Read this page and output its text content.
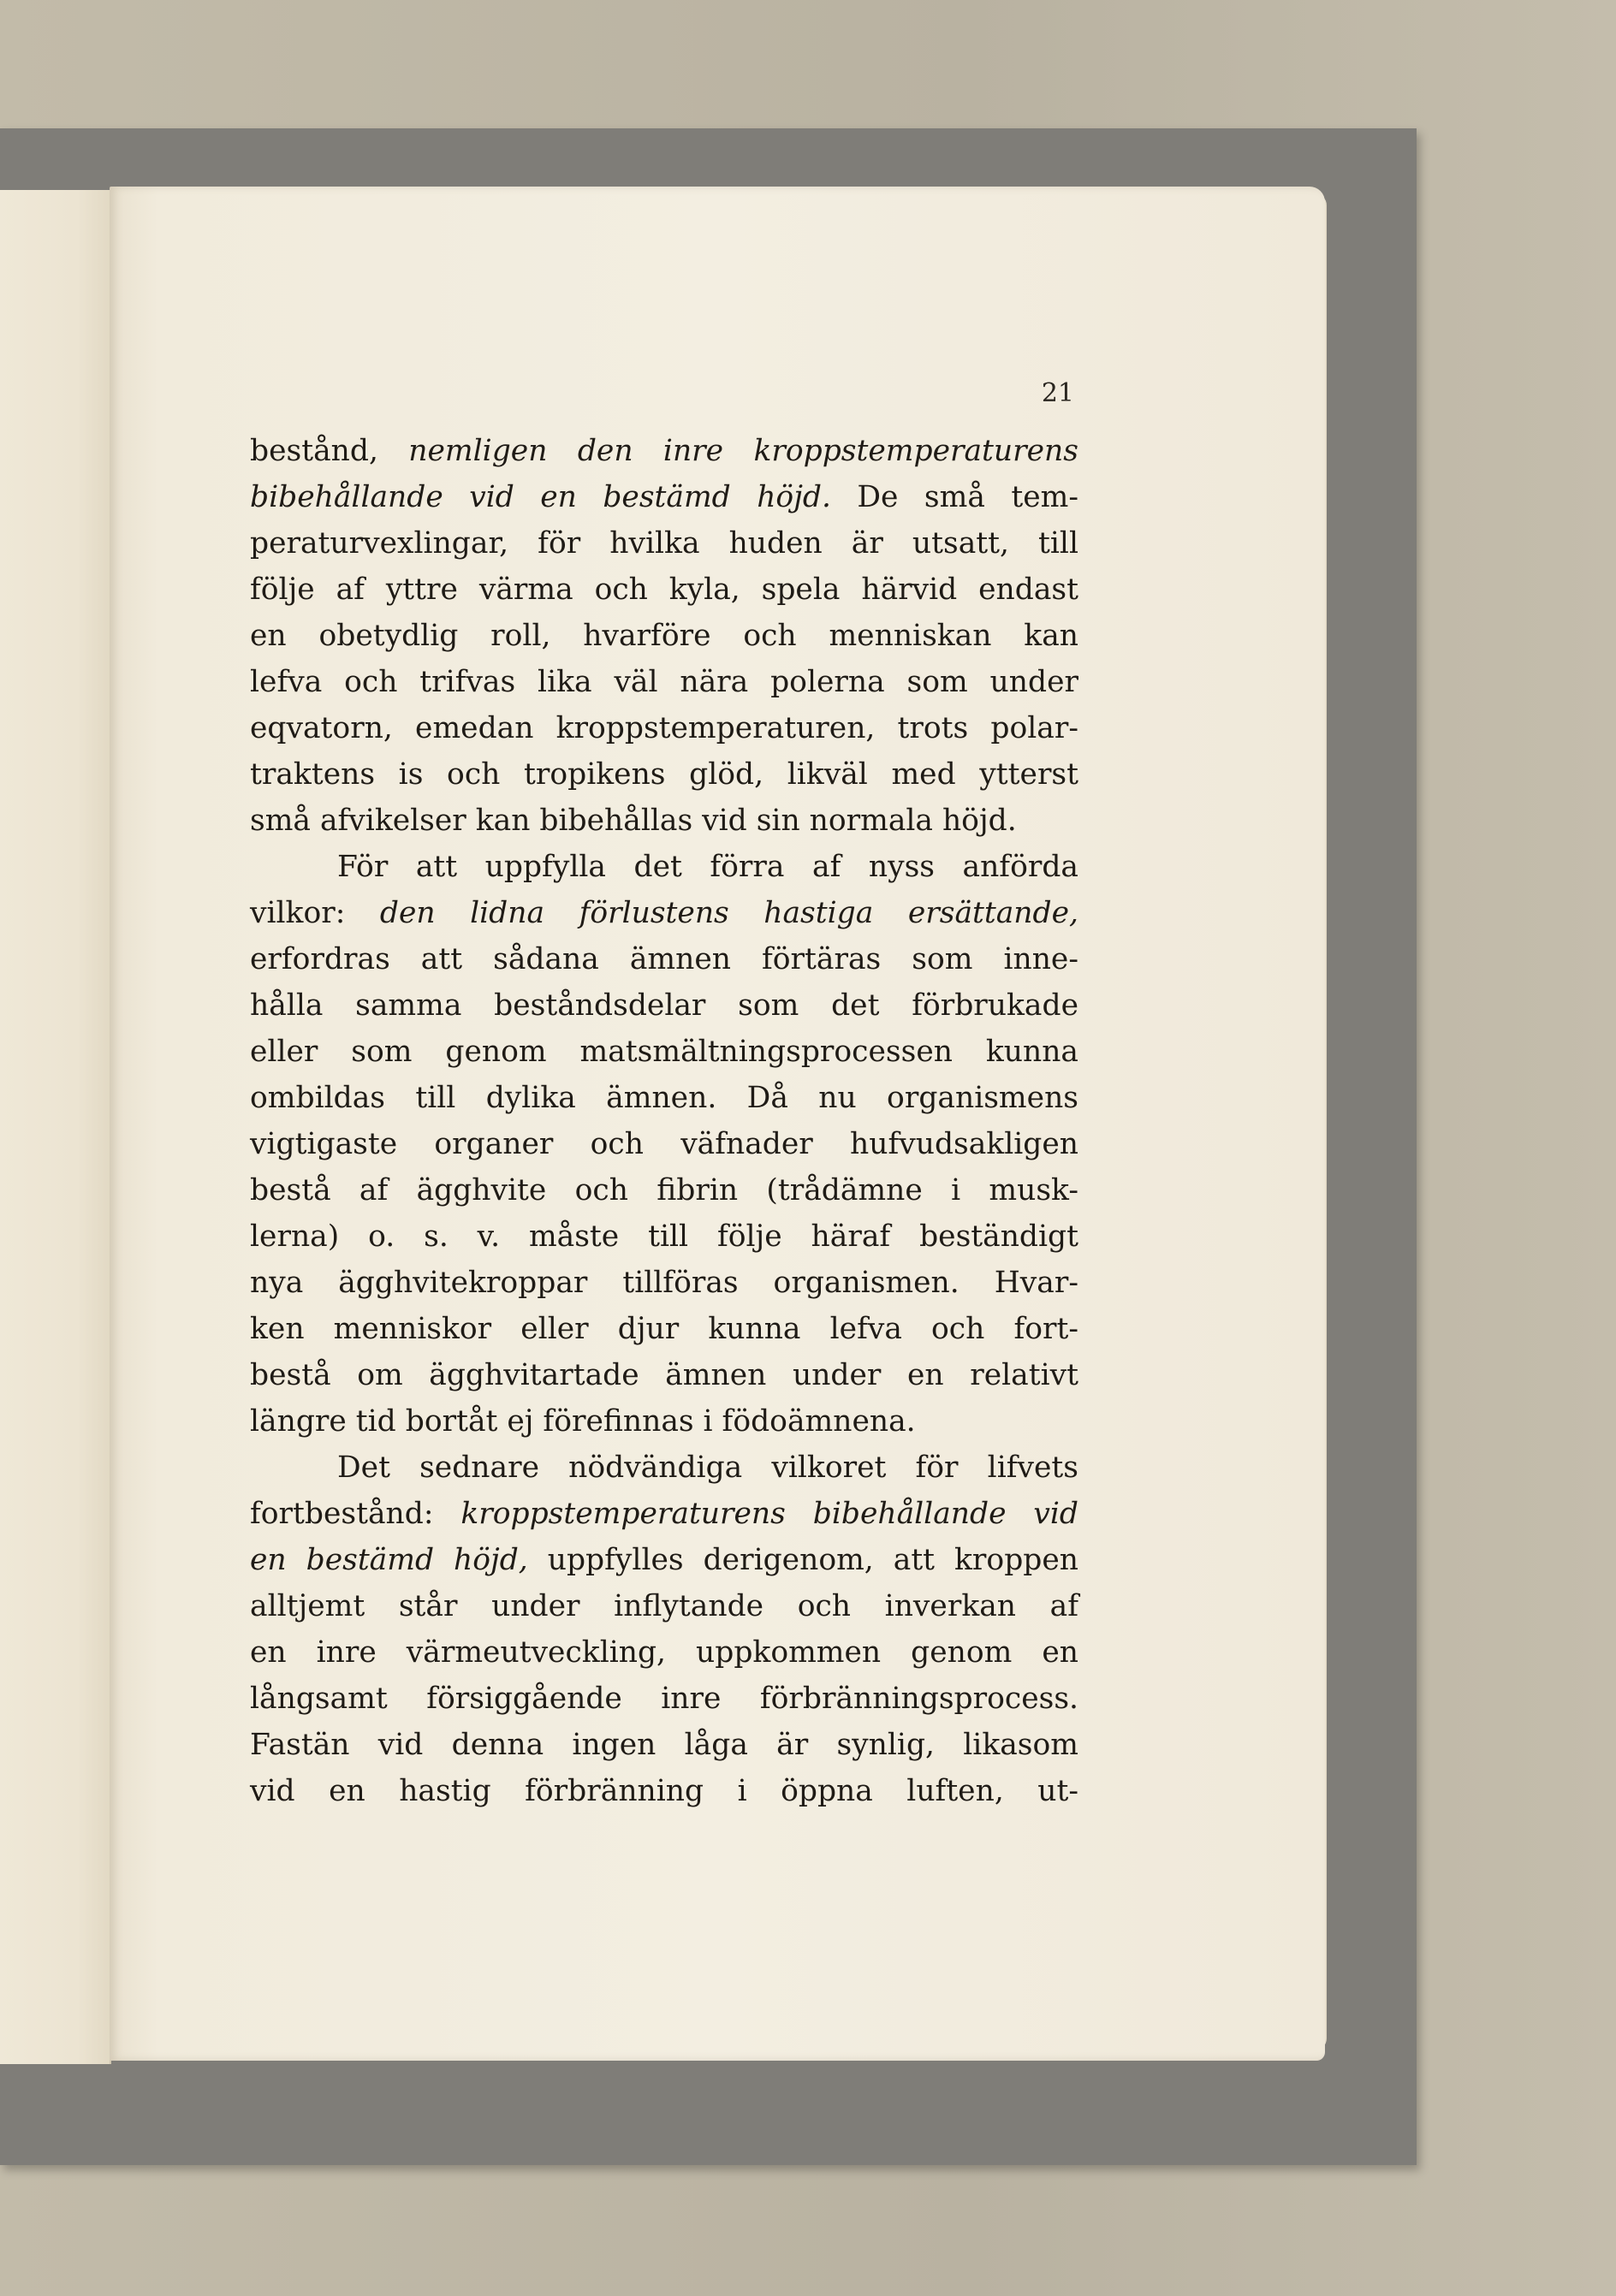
21
bestånd, nemligen den inre kroppstemperaturens
bibehållande vid en bestämd höjd. De små tem-
peraturvexlingar, för hvilka huden är utsatt, till
följe af yttre värma och kyla, spela härvid endast
en obetydlig roll, hvarföre och menniskan kan
lefva och trifvas lika väl nära polerna som under
eqvatorn, emedan kroppstemperaturen, trots polar-
traktens is och tropikens glöd, likväl med ytterst
små afvikelser kan bibehållas vid sin normala höjd.
För att uppfylla det förra af nyss anförda
vilkor: den lidna förlustens hastiga ersättande,
erfordras att sådana ämnen förtäras som inne-
hålla samma beståndsdelar som det förbrukade
eller som genom matsmältningsprocessen kunna
ombildas till dylika ämnen. Då nu organismens
vigtigaste organer och väfnader hufvudsakligen
bestå af ägghvite och fibrin (trådämne i musk-
lerna) o. s. v. måste till följe häraf beständigt
nya ägghvitekroppar tillföras organismen. Hvar-
ken menniskor eller djur kunna lefva och fort-
bestå om ägghvitartade ämnen under en relativt
längre tid bortåt ej förefinnas i födoämnena.
Det sednare nödvändiga vilkoret för lifvets
fortbestånd: kroppstemperaturens bibehållande vid
en bestämd höjd, uppfylles derigenom, att kroppen
alltjemt står under inflytande och inverkan af
en inre värmeutveckling, uppkommen genom en
långsamt försiggående inre förbränningsprocess.
Fastän vid denna ingen låga är synlig, likasom
vid en hastig förbränning i öppna luften, ut-
